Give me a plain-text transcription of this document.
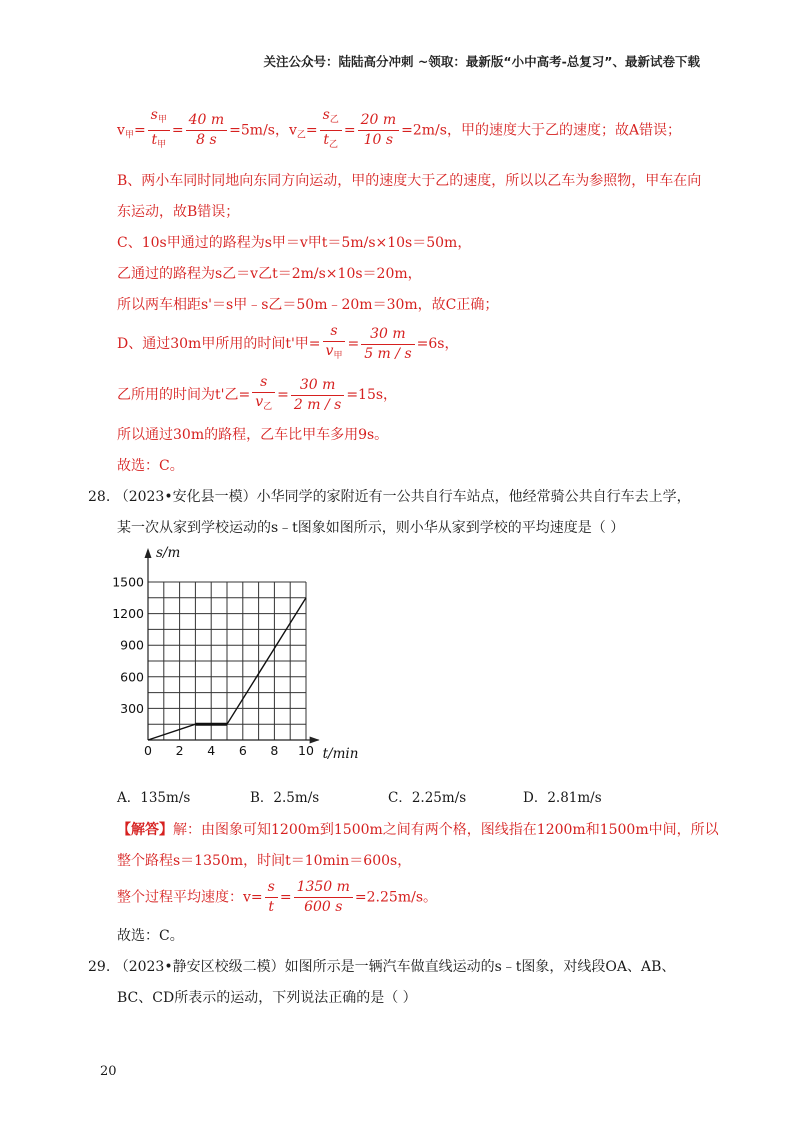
关注公众号：陆陆高分冲刺 ~领取：最新版“小中高考-总复习”、最新试卷下载
$v_甲= \frac{s_甲}{t_甲} = \frac{40 m}{8 s} =5m/s$，$v_乙= \frac{s_乙}{t_乙} = \frac{20 m}{10 s} =2m/s$，甲的速度大于乙的速度；故A错误；
B、两小车同时同地向东同方向运动，甲的速度大于乙的速度，所以以乙车为参照物，甲车在向
东运动，故B错误；
C、10s甲通过的路程为s甲＝v甲t＝5m/s×10s＝50m，
乙通过的路程为s乙＝v乙t＝2m/s×10s＝20m，
所以两车相距s'＝s甲﹣s乙＝50m﹣20m＝30m，故C正确；
D、通过30m甲所用的时间t'甲= $\frac{s}{v_甲} = \frac{30 m}{5 m / s} =6s$，
乙所用的时间为t'乙= $\frac{s}{v_乙} = \frac{30 m}{2 m / s} =15s$，
所以通过30m的路程，乙车比甲车多用9s。
故选：C。
28. （2023•安化县一模）小华同学的家附近有一公共自行车站点，他经常骑公共自行车去上学，
某一次从家到学校运动的s﹣t图象如图所示，则小华从家到学校的平均速度是（ ）
300
600
900
1200
1500
2 4 6 8 10
0
s/m
t/min
A．135m/s	B．2.5m/s	C．2.25m/s	D．2.81m/s
【解答】解：由图象可知1200m到1500m之间有两个格，图线指在1200m和1500m中间，所以
整个路程s＝1350m，时间t＝10min＝600s，
整个过程平均速度：$v= \frac{s}{t} = \frac{1350 m}{600 s} =2.25m/s$。
故选：C。
29. （2023•静安区校级二模）如图所示是一辆汽车做直线运动的s﹣t图象，对线段OA、AB、
BC、CD所表示的运动，下列说法正确的是（ ）
20
